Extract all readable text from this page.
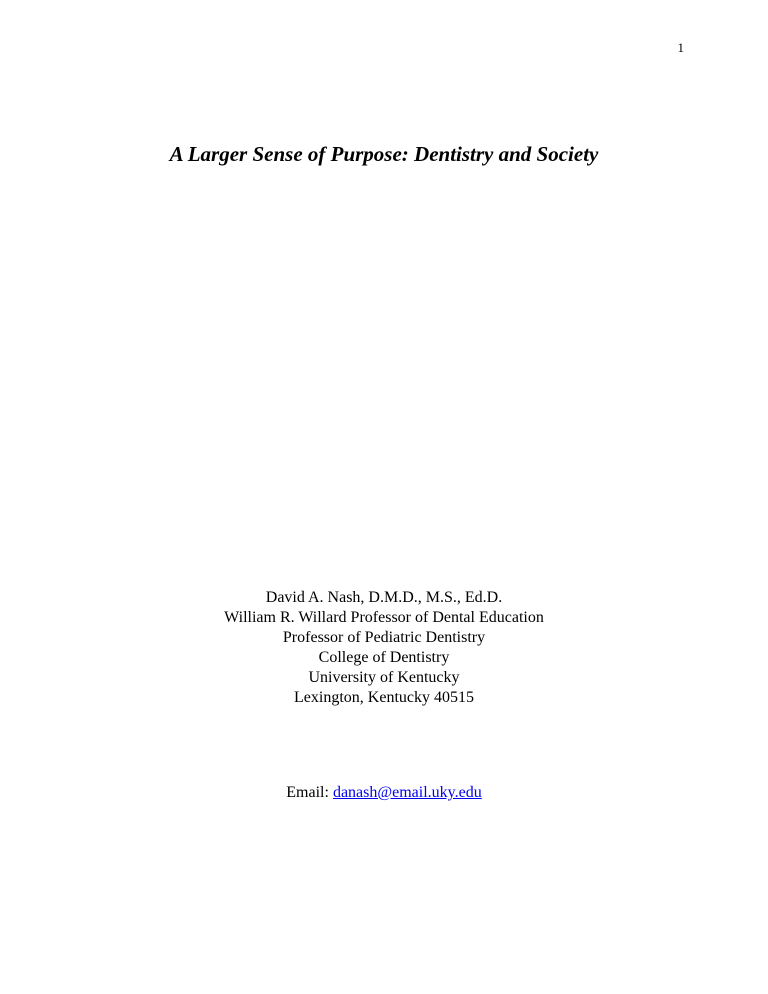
1
A Larger Sense of Purpose: Dentistry and Society
David A. Nash, D.M.D., M.S., Ed.D.
William R. Willard Professor of Dental Education
Professor of Pediatric Dentistry
College of Dentistry
University of Kentucky
Lexington, Kentucky 40515
Email: danash@email.uky.edu
